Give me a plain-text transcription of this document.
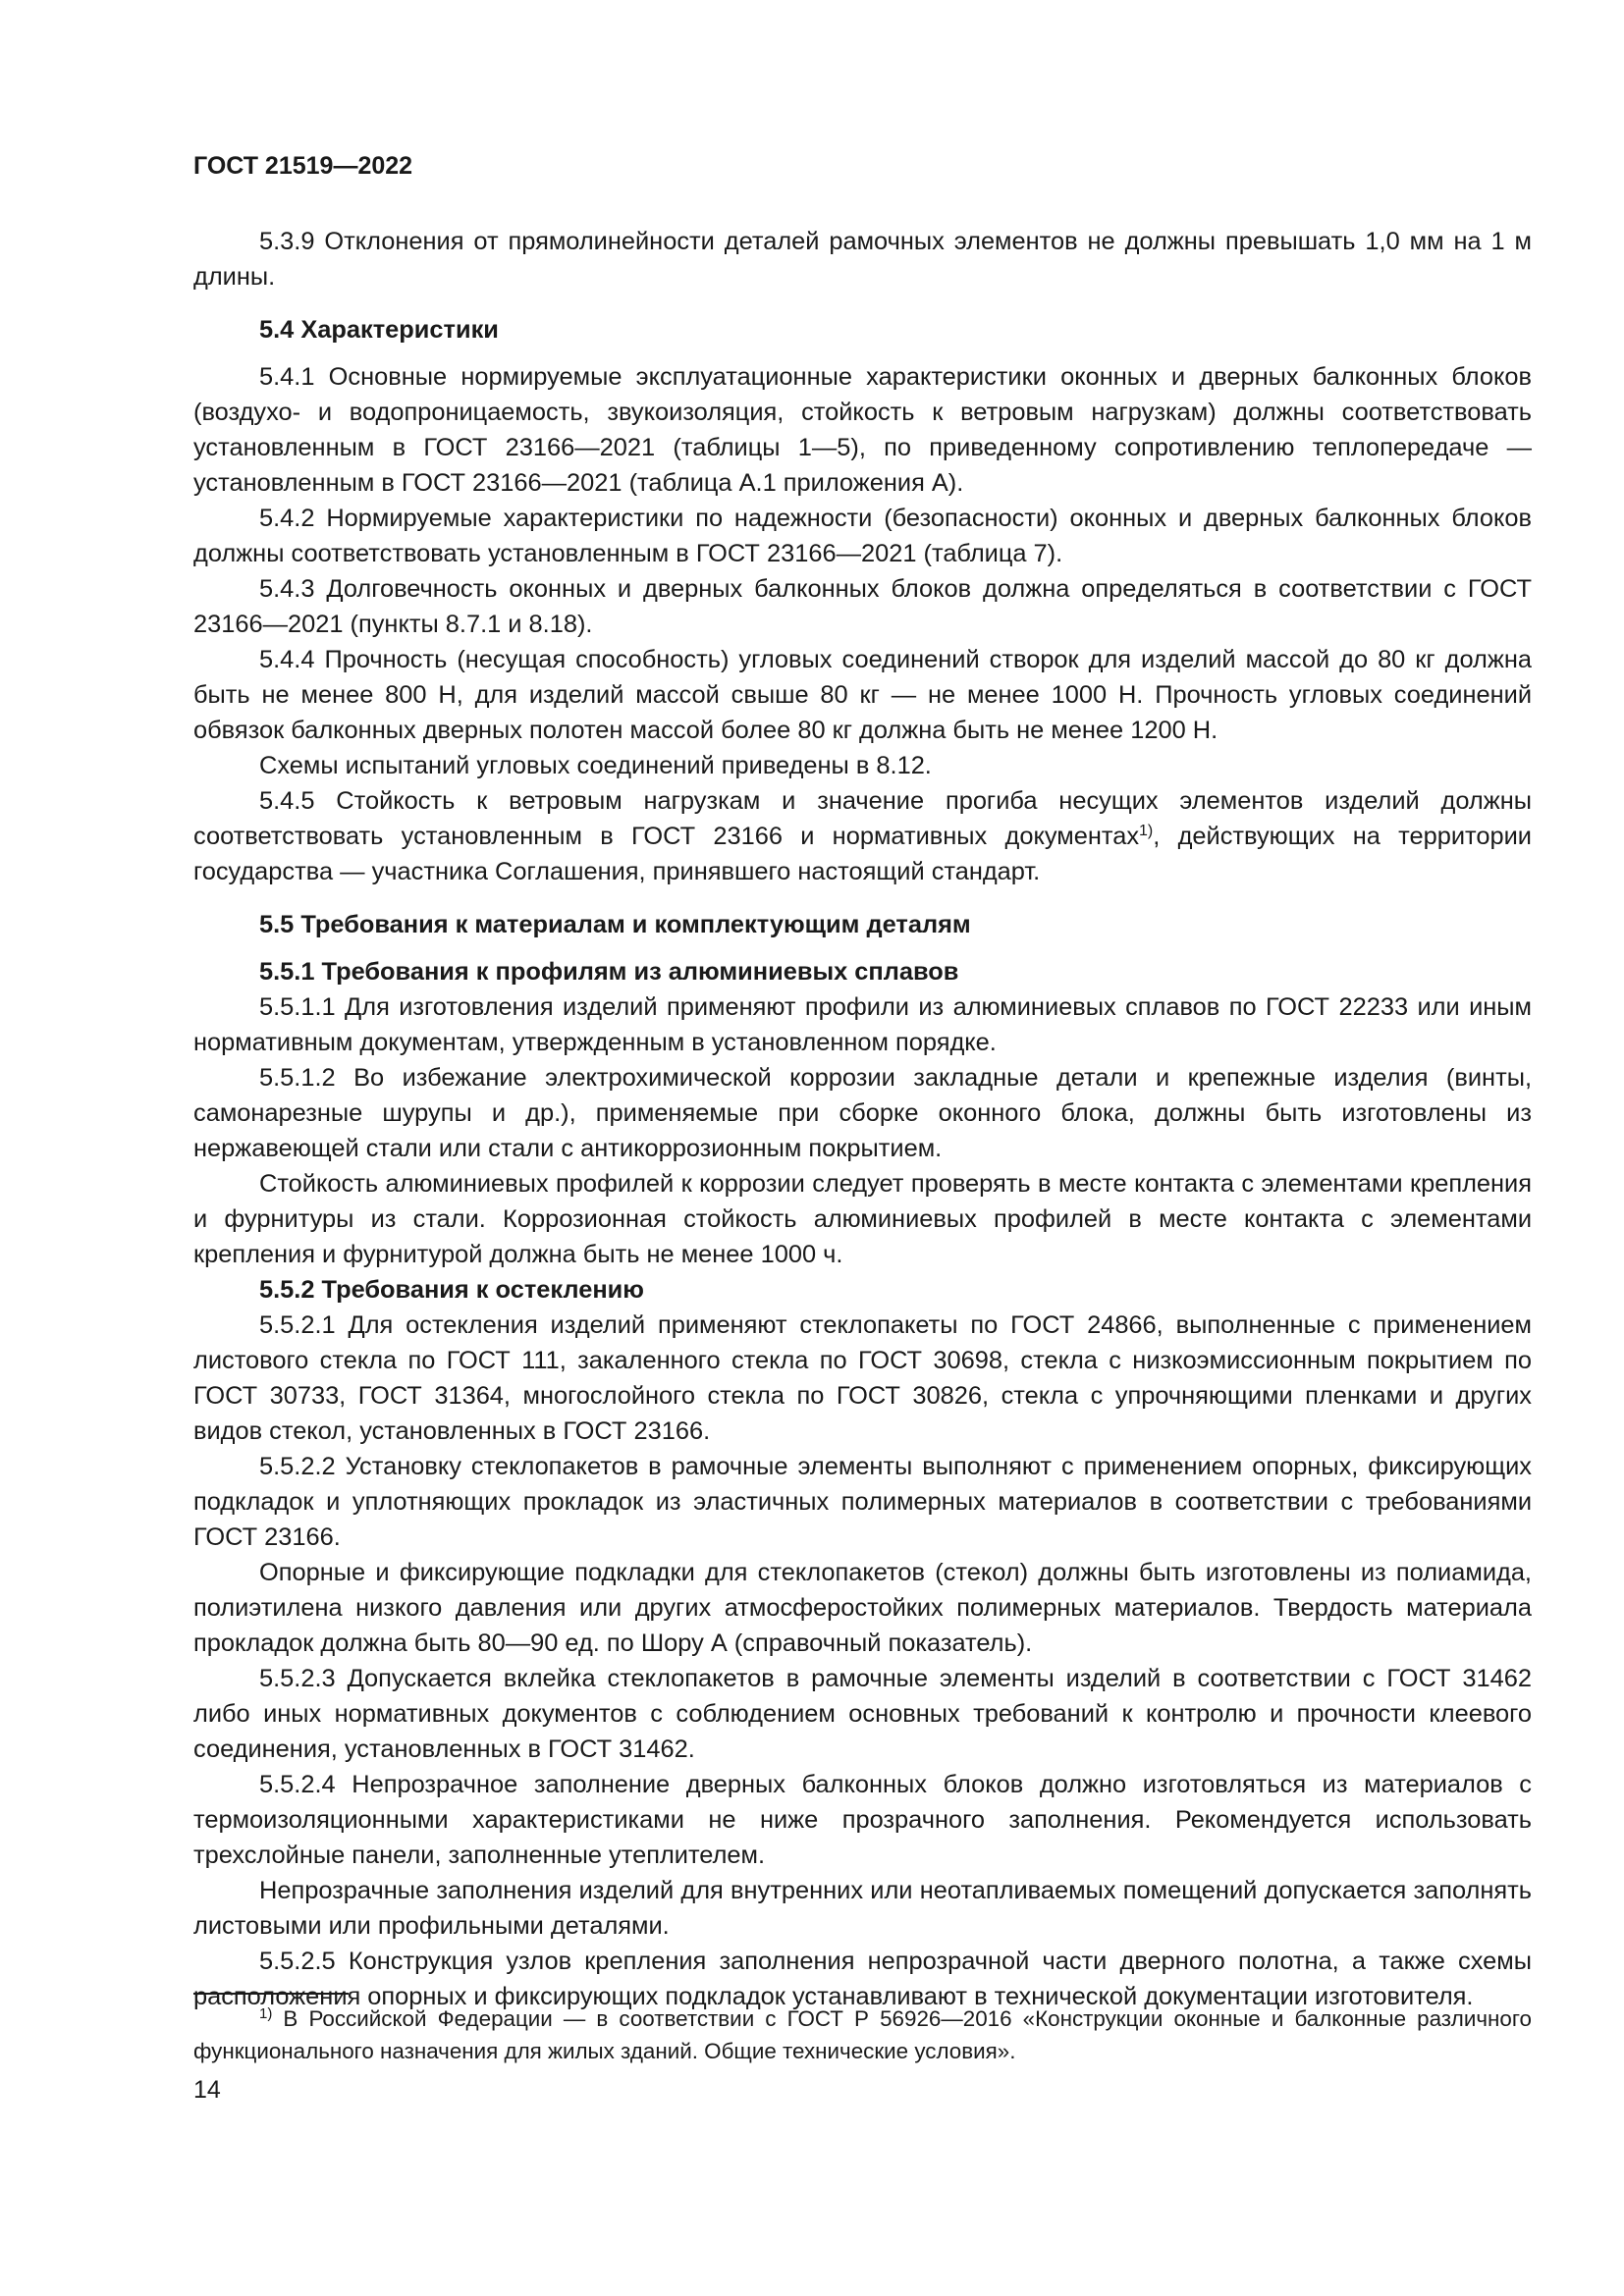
ГОСТ 21519—2022

5.3.9 Отклонения от прямолинейности деталей рамочных элементов не должны превышать 1,0 мм на 1 м длины.

5.4 Характеристики

5.4.1 Основные нормируемые эксплуатационные характеристики оконных и дверных балконных блоков (воздухо- и водопроницаемость, звукоизоляция, стойкость к ветровым нагрузкам) должны соответствовать установленным в ГОСТ 23166—2021 (таблицы 1—5), по приведенному сопротивлению теплопередаче — установленным в ГОСТ 23166—2021 (таблица А.1 приложения А).

5.4.2 Нормируемые характеристики по надежности (безопасности) оконных и дверных балконных блоков должны соответствовать установленным в ГОСТ 23166—2021 (таблица 7).

5.4.3 Долговечность оконных и дверных балконных блоков должна определяться в соответствии с ГОСТ 23166—2021 (пункты 8.7.1 и 8.18).

5.4.4 Прочность (несущая способность) угловых соединений створок для изделий массой до 80 кг должна быть не менее 800 Н, для изделий массой свыше 80 кг — не менее 1000 Н. Прочность угловых соединений обвязок балконных дверных полотен массой более 80 кг должна быть не менее 1200 Н.

Схемы испытаний угловых соединений приведены в 8.12.

5.4.5 Стойкость к ветровым нагрузкам и значение прогиба несущих элементов изделий должны соответствовать установленным в ГОСТ 23166 и нормативных документах$^{1)}$, действующих на территории государства — участника Соглашения, принявшего настоящий стандарт.

5.5 Требования к материалам и комплектующим деталям

5.5.1 Требования к профилям из алюминиевых сплавов

5.5.1.1 Для изготовления изделий применяют профили из алюминиевых сплавов по ГОСТ 22233 или иным нормативным документам, утвержденным в установленном порядке.

5.5.1.2 Во избежание электрохимической коррозии закладные детали и крепежные изделия (винты, самонарезные шурупы и др.), применяемые при сборке оконного блока, должны быть изготовлены из нержавеющей стали или стали с антикоррозионным покрытием.

Стойкость алюминиевых профилей к коррозии следует проверять в месте контакта с элементами крепления и фурнитуры из стали. Коррозионная стойкость алюминиевых профилей в месте контакта с элементами крепления и фурнитурой должна быть не менее 1000 ч.

5.5.2 Требования к остеклению

5.5.2.1 Для остекления изделий применяют стеклопакеты по ГОСТ 24866, выполненные с применением листового стекла по ГОСТ 111, закаленного стекла по ГОСТ 30698, стекла с низкоэмиссионным покрытием по ГОСТ 30733, ГОСТ 31364, многослойного стекла по ГОСТ 30826, стекла с упрочняющими пленками и других видов стекол, установленных в ГОСТ 23166.

5.5.2.2 Установку стеклопакетов в рамочные элементы выполняют с применением опорных, фиксирующих подкладок и уплотняющих прокладок из эластичных полимерных материалов в соответствии с требованиями ГОСТ 23166.

Опорные и фиксирующие подкладки для стеклопакетов (стекол) должны быть изготовлены из полиамида, полиэтилена низкого давления или других атмосферостойких полимерных материалов. Твердость материала прокладок должна быть 80—90 ед. по Шору А (справочный показатель).

5.5.2.3 Допускается вклейка стеклопакетов в рамочные элементы изделий в соответствии с ГОСТ 31462 либо иных нормативных документов с соблюдением основных требований к контролю и прочности клеевого соединения, установленных в ГОСТ 31462.

5.5.2.4 Непрозрачное заполнение дверных балконных блоков должно изготовляться из материалов с термоизоляционными характеристиками не ниже прозрачного заполнения. Рекомендуется использовать трехслойные панели, заполненные утеплителем.

Непрозрачные заполнения изделий для внутренних или неотапливаемых помещений допускается заполнять листовыми или профильными деталями.

5.5.2.5 Конструкция узлов крепления заполнения непрозрачной части дверного полотна, а также схемы расположения опорных и фиксирующих подкладок устанавливают в технической документации изготовителя.

$^{1)}$ В Российской Федерации — в соответствии с ГОСТ Р 56926—2016 «Конструкции оконные и балконные различного функционального назначения для жилых зданий. Общие технические условия».

14
